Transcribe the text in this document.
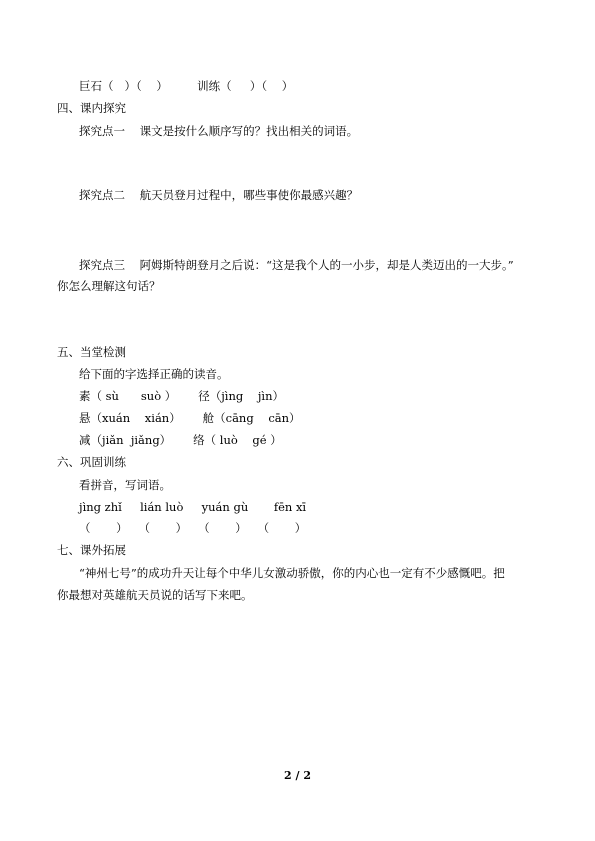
巨石（   ）（    ）        训练（     ）（    ）
四、课内探究
探究点一    课文是按什么顺序写的？找出相关的词语。
探究点二    航天员登月过程中，哪些事使你最感兴趣？
探究点三    阿姆斯特朗登月之后说：“这是我个人的一小步，却是人类迈出的一大步。”
你怎么理解这句话？
五、当堂检测
给下面的字选择正确的读音。
素（ sù      suò ）      径（jìng    jìn）
悬（xuán    xián）      舱（cāng    cān）
减（jiǎn  jiǎng）      络（ luò    gé ）
六、巩固训练
看拼音，写词语。
jìng zhǐ     lián luò     yuán gù       fēn xī
（       ）   （       ）   （       ）   （       ）
七、课外拓展
“神州七号”的成功升天让每个中华儿女激动骄傲，你的内心也一定有不少感慨吧。把
你最想对英雄航天员说的话写下来吧。
2 / 2
